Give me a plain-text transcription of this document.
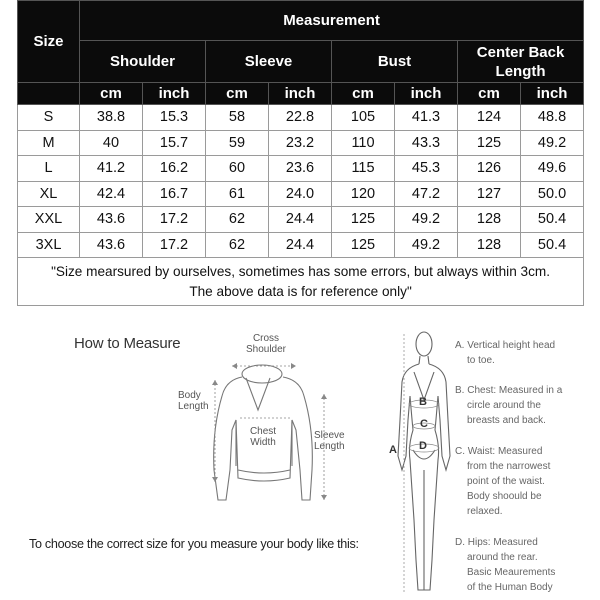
Size	Measurement							
	Shoulder		Sleeve		Bust		Center Back
Length	

	cm	inch	cm	inch	cm	inch	cm	inch
S	38.8	15.3	58	22.8	105	41.3	124	48.8
M	40	15.7	59	23.2	110	43.3	125	49.2
L	41.2	16.2	60	23.6	115	45.3	126	49.6
XL	42.4	16.7	61	24.0	120	47.2	127	50.0
XXL	43.6	17.2	62	24.4	125	49.2	128	50.4
3XL	43.6	17.2	62	24.4	125	49.2	128	50.4

"Size mearsured by ourselves, sometimes has some errors, but always within 3cm.
The above data is for reference only"								
How to Measure	Cross
Shoulder
Body
Length
Chest
Width
Sleeve
Length
To choose the correct size for you measure your body like this:
A
B
C
D
A. Vertical height head
to toe.
B. Chest: Measured in a
circle around the
breasts and back.
C. Waist: Measured
from the narrowest
point of the waist.
Body shoould be
relaxed.
D. Hips: Measured
around the rear.
Basic Meaurements
of the Human Body
